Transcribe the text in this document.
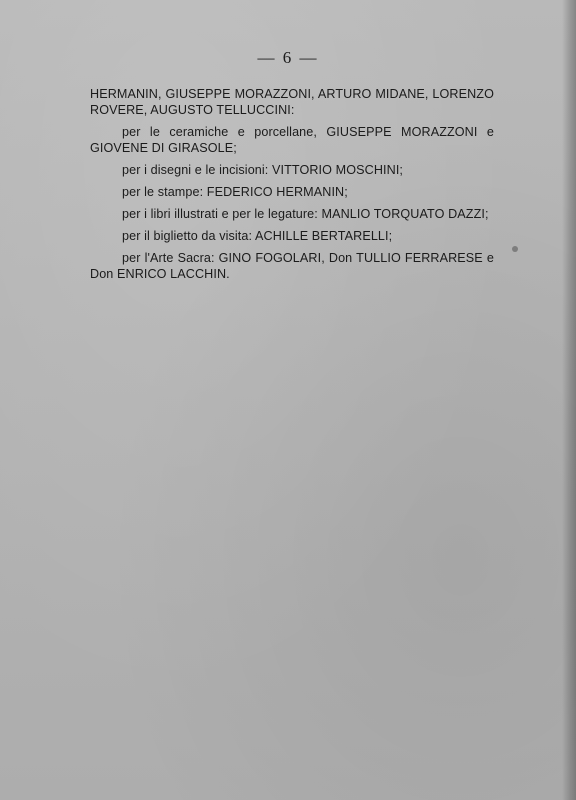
— 6 —

HERMANIN, GIUSEPPE MORAZZONI, ARTURO MIDANE, LORENZO ROVERE, AUGUSTO TELLUCCINI:

per le ceramiche e porcellane, GIUSEPPE MORAZZONI e GIOVENE DI GIRASOLE;

per i disegni e le incisioni: VITTORIO MOSCHINI;

per le stampe: FEDERICO HERMANIN;

per i libri illustrati e per le legature: MANLIO TORQUATO DAZZI;

per il biglietto da visita: ACHILLE BERTARELLI;

per l'Arte Sacra: GINO FOGOLARI, Don TULLIO FERRARESE e Don ENRICO LACCHIN.
